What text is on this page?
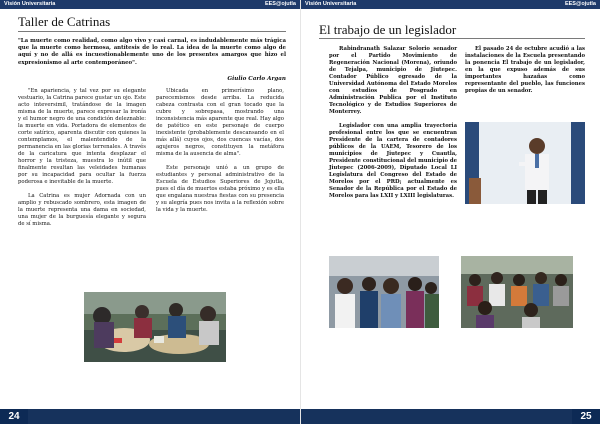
Visión Universitaria	EES@ojutla
Taller de Catrinas
"La muerte como realidad, como algo vivo y casi carnal, es indudablemente más trágica que la muerte como hermosa, antítesis de lo real. La idea de la muerte como algo de aquí y no de allá es incuestionablemente uno de los presentes amargos que hizo el expresionismo al arte contemporáneo".
Giulio Carlo Argan

"En apariencia, y tal vez por su elegante vestuario, la Catrina parece gustar un ojo. Este acto inteversimil, tratándose de la imagen misma de la muerte, parece expresar la ironía y el humor negro de una condición deleznable: la muerte en vida. Portadora de elementos de corte satírico, aparenta discutir con quienes la contemplamos, el malentendido de la permanencia en las glorias terrenales. A través de la caricatura que intenta desplazar el horror y la tristeza, muestra lo inútil que finalmente resultan las veleidades humanas por su incapacidad para ocultar la fuerza poderosa e inevitable de la muerte.

La Catrina es mujer Adornada con un amplio y rebuscado sombrero, esta imagen de la muerte representa una dama en sociedad, una mujer de la burguesía elegante y segura de sí misma.

Ubicada en primerísimo plano, parecemismos desde arriba. La reducida cabeza contrasta con el gran tocado que la cubre y sobrepasa, mostrando una inconsistencia más aparente que real. Hay algo de patético en este personaje de cuerpo inexistente (probablemente descansando en el más allá) cuyos ojos, dos cuencas vacías, dos agujeros negros, constituyen la metáfora misma de la ausencia de alma".

Este personaje unió a un grupo de estudiantes y personal administrativo de la Escuela de Estudios Superiores de Jojutla, pues el día de muertos estaba próximo y es ella que engalana nuestras fiestas con su presencia y su alegría pues nos invita a la reflexión sobre la vida y la muerte.

24
Visión Universitaria	EES@ojutla
El trabajo de un legislador

Rabindranath Salazar Solorio senador por el Partido Movimiento de Regeneración Nacional (Morena), oriundo de Tejalpa, municipio de Jiutepec. Contador Público egresado de la Universidad Autónoma del Estado Morelos con estudios de Posgrado en Administración Publica por el Instituto Tecnológico y de Estudios Superiores de Monterrey.

Legislador con una amplia trayectoria profesional entre los que se encuentran Presidente de la cartera de contadores públicos de la UAEM, Tesorero de los municipios de Jiutepec y Cuautla, Presidente constitucional del municipio de Jiutepec (2006-2009), Diputado Local LI Legislatura del Congreso del Estado de Morelos por el PRD; actualmente es Senador de la República por el Estado de Morelos para las LXII y LXIII legislaturas.

El pasado 24 de octubre acudió a las instalaciones de la Escuela presentando la ponencia El trabajo de un legislador, en la que expuso además de sus importantes hazañas como representante del pueblo, las funciones propias de un senador.

25
